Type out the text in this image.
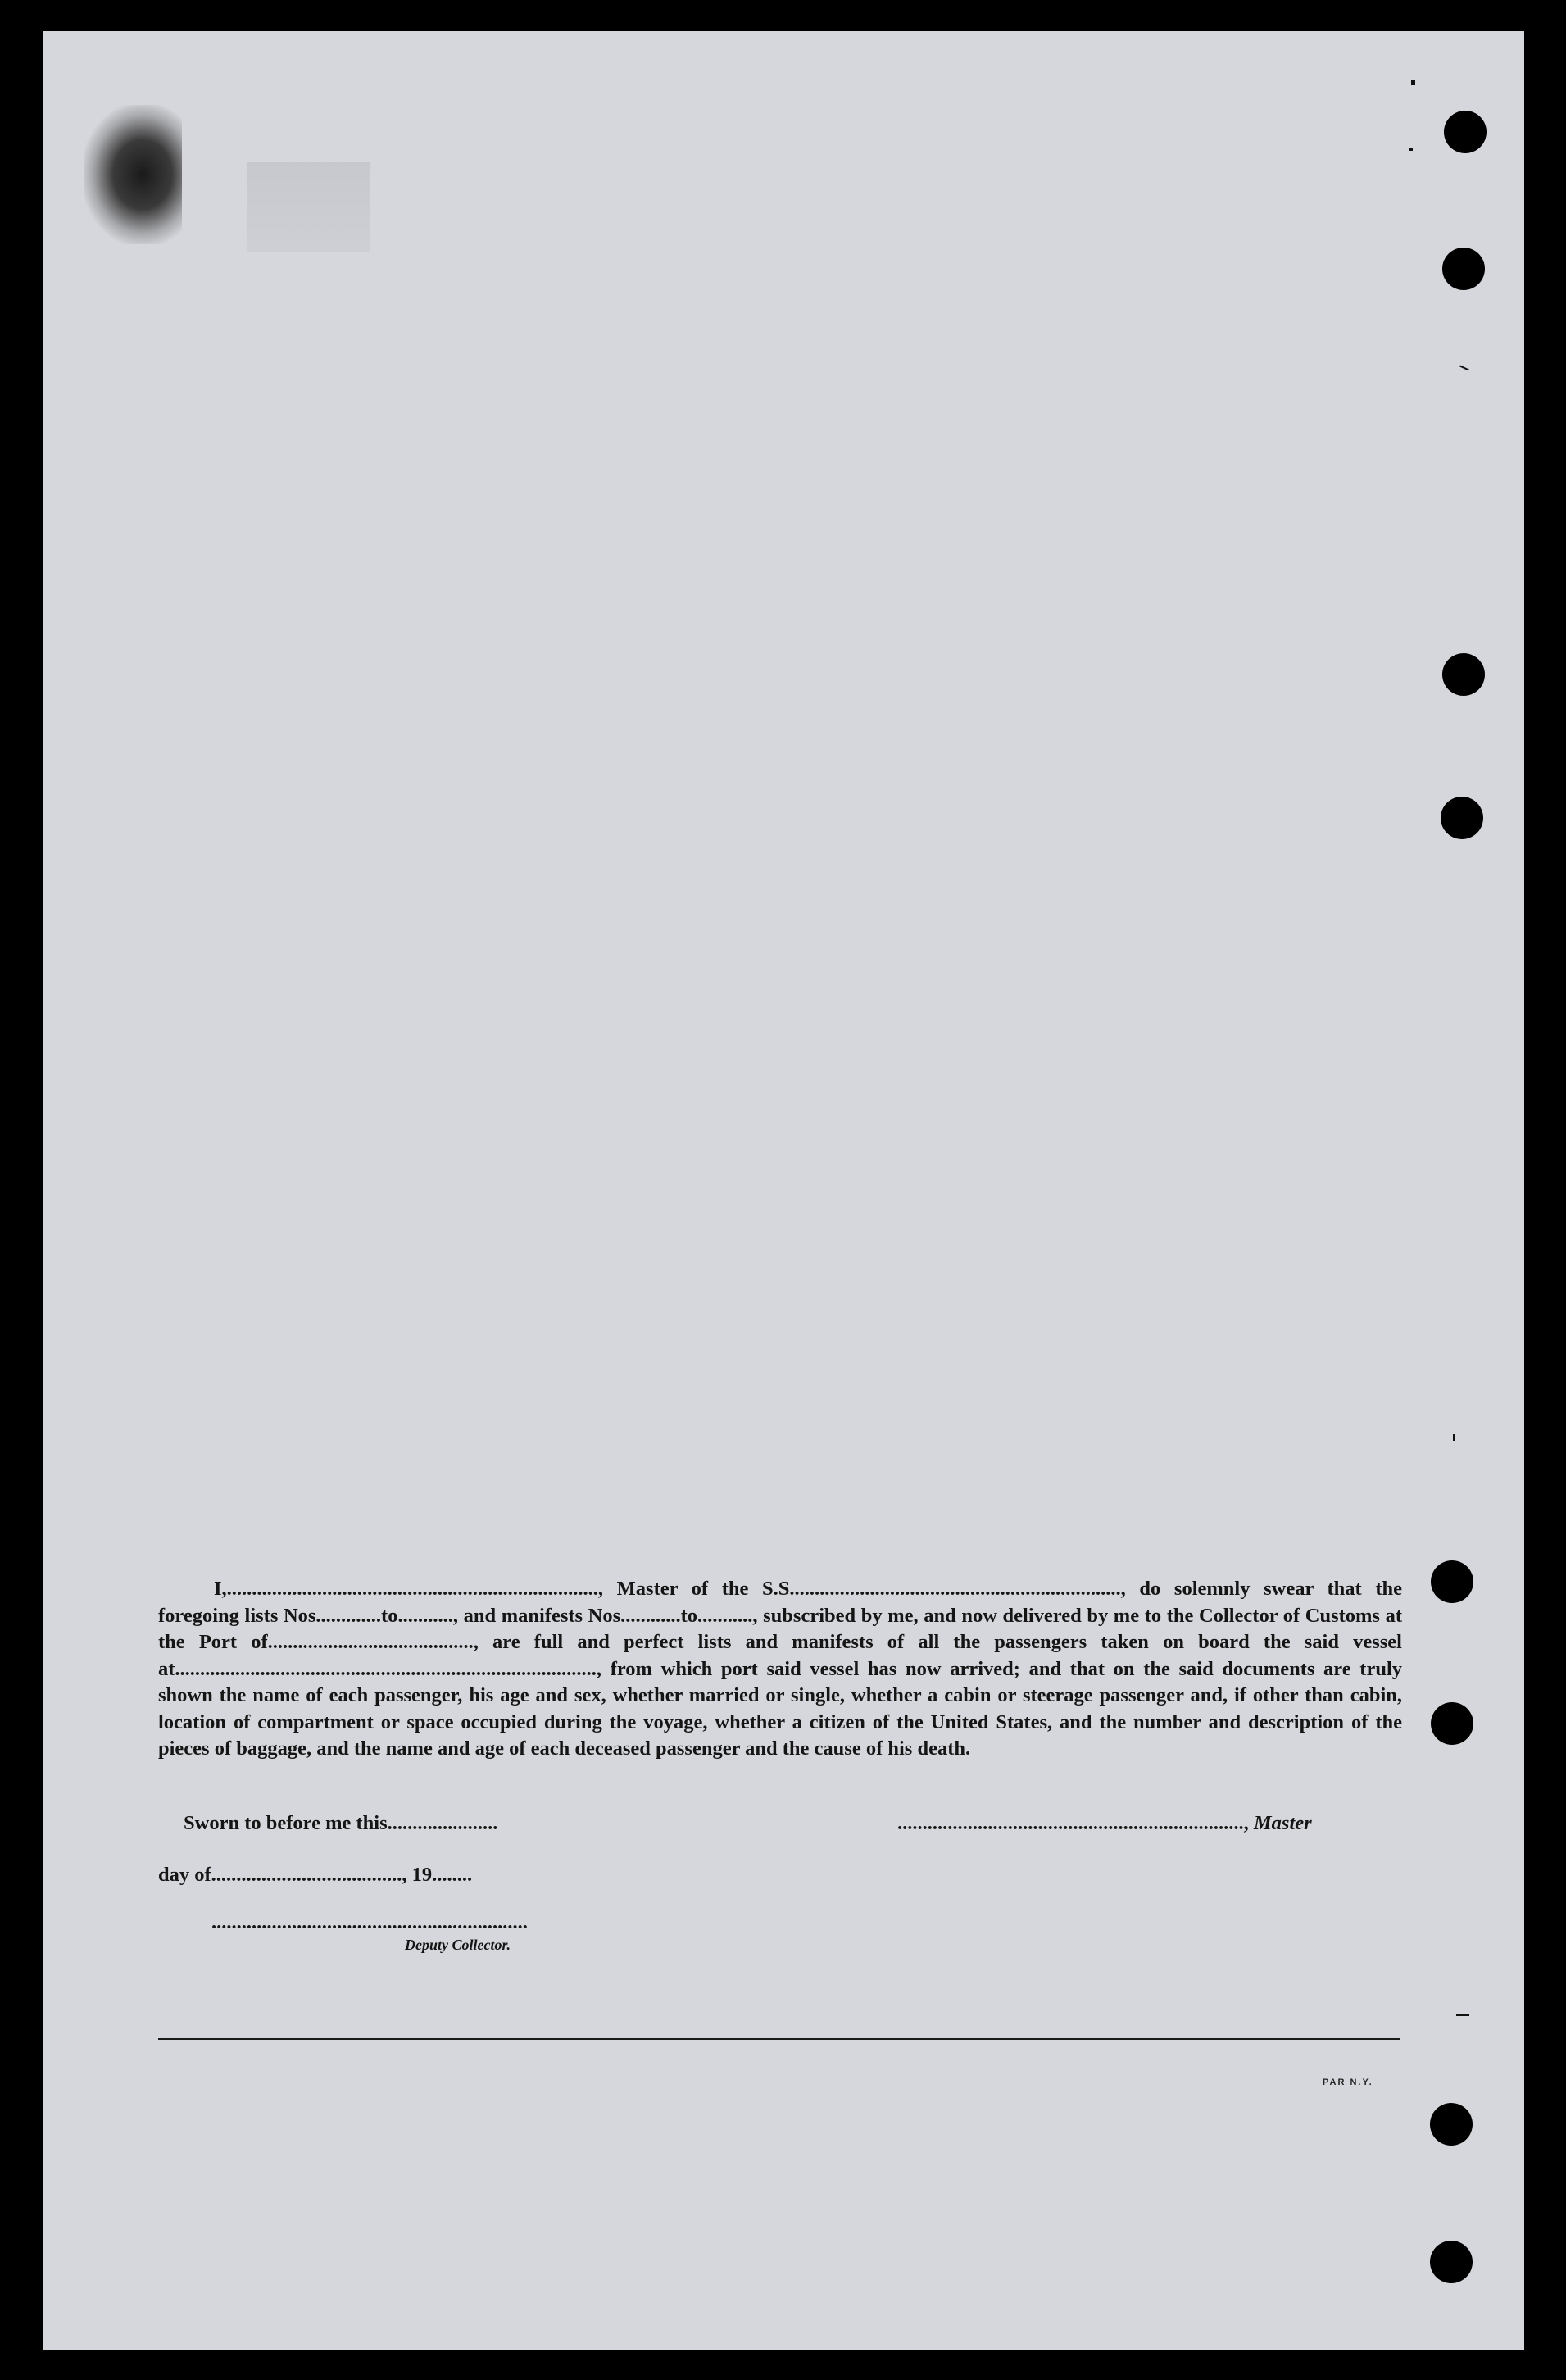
I,.........................................................................., Master of the S.S.................................................................., do solemnly swear that the foregoing lists Nos.............to..........., and manifests Nos............to..........., subscribed by me, and now delivered by me to the Collector of Customs at the Port of........................................., are full and perfect lists and manifests of all the passengers taken on board the said vessel at...................................................................................., from which port said vessel has now arrived; and that on the said documents are truly shown the name of each passenger, his age and sex, whether married or single, whether a cabin or steerage passenger and, if other than cabin, location of compartment or space occupied during the voyage, whether a citizen of the United States, and the number and description of the pieces of baggage, and the name and age of each deceased passenger and the cause of his death.

Sworn to before me this......................	....................................................................., Master
day of......................................, 19........
...............................................................
Deputy Collector.
PAR N.Y.
